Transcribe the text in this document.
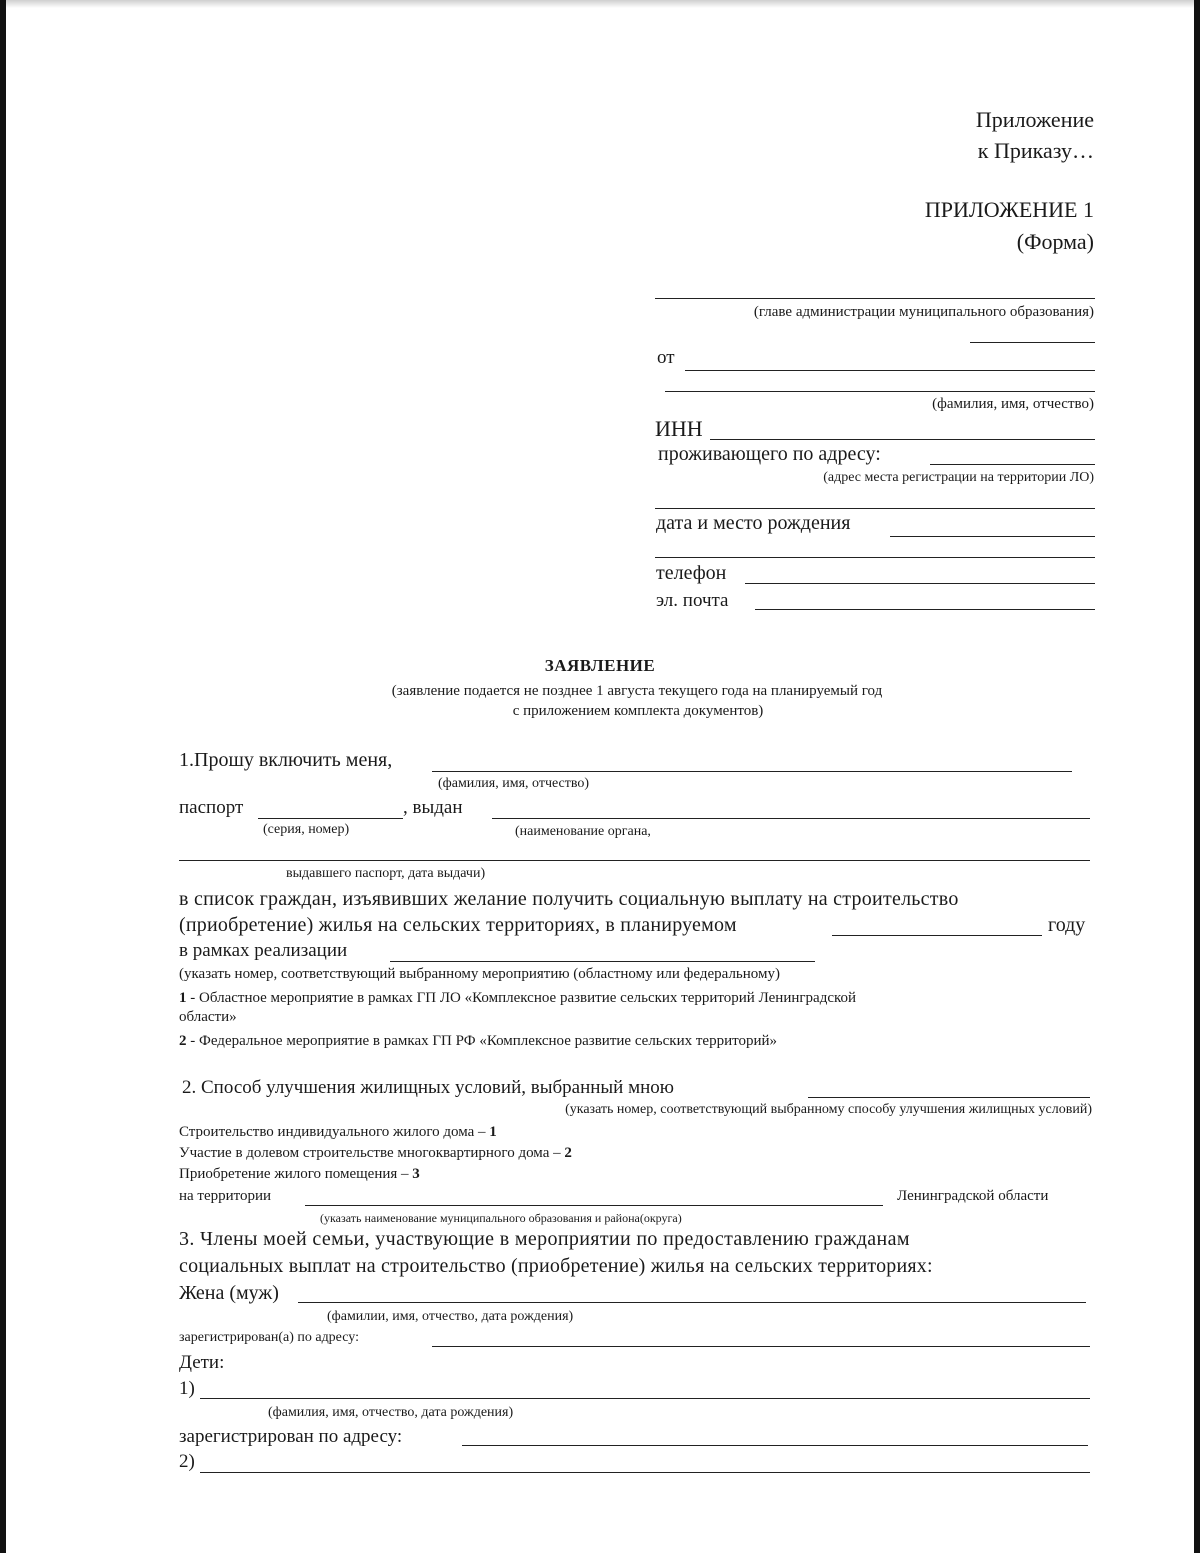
Приложение
к Приказу…
ПРИЛОЖЕНИЕ 1
(Форма)
(главе администрации муниципального образования)
от
(фамилия, имя, отчество)
ИНН
проживающего по адресу:
(адрес места регистрации на территории ЛО)
дата и место рождения
телефон
эл. почта
ЗАЯВЛЕНИЕ
(заявление подается не позднее 1 августа текущего года на планируемый год
с приложением комплекта документов)
1.Прошу включить меня,
(фамилия, имя, отчество)
паспорт	, выдан
(серия, номер)	(наименование органа,
выдавшего паспорт, дата выдачи)
в список граждан, изъявивших желание получить социальную выплату на строительство
(приобретение) жилья на сельских территориях, в планируемом	году
в рамках реализации
(указать номер, соответствующий выбранному мероприятию (областному или федеральному)
1 - Областное мероприятие в рамках ГП ЛО «Комплексное развитие сельских территорий Ленинградской
области»
2 - Федеральное мероприятие в рамках ГП РФ «Комплексное развитие сельских территорий»
2. Способ улучшения жилищных условий, выбранный мною
(указать номер, соответствующий выбранному способу улучшения жилищных условий)
Строительство индивидуального жилого дома – 1
Участие в долевом строительстве многоквартирного дома – 2
Приобретение жилого помещения – 3
на территории	Ленинградской области
(указать наименование муниципального образования и района(округа)
3. Члены моей семьи, участвующие в мероприятии по предоставлению гражданам
социальных выплат на строительство (приобретение) жилья на сельских территориях:
Жена (муж)
(фамилии, имя, отчество, дата рождения)
зарегистрирован(а) по адресу:
Дети:
1)
(фамилия, имя, отчество, дата рождения)
зарегистрирован по адресу:
2)
